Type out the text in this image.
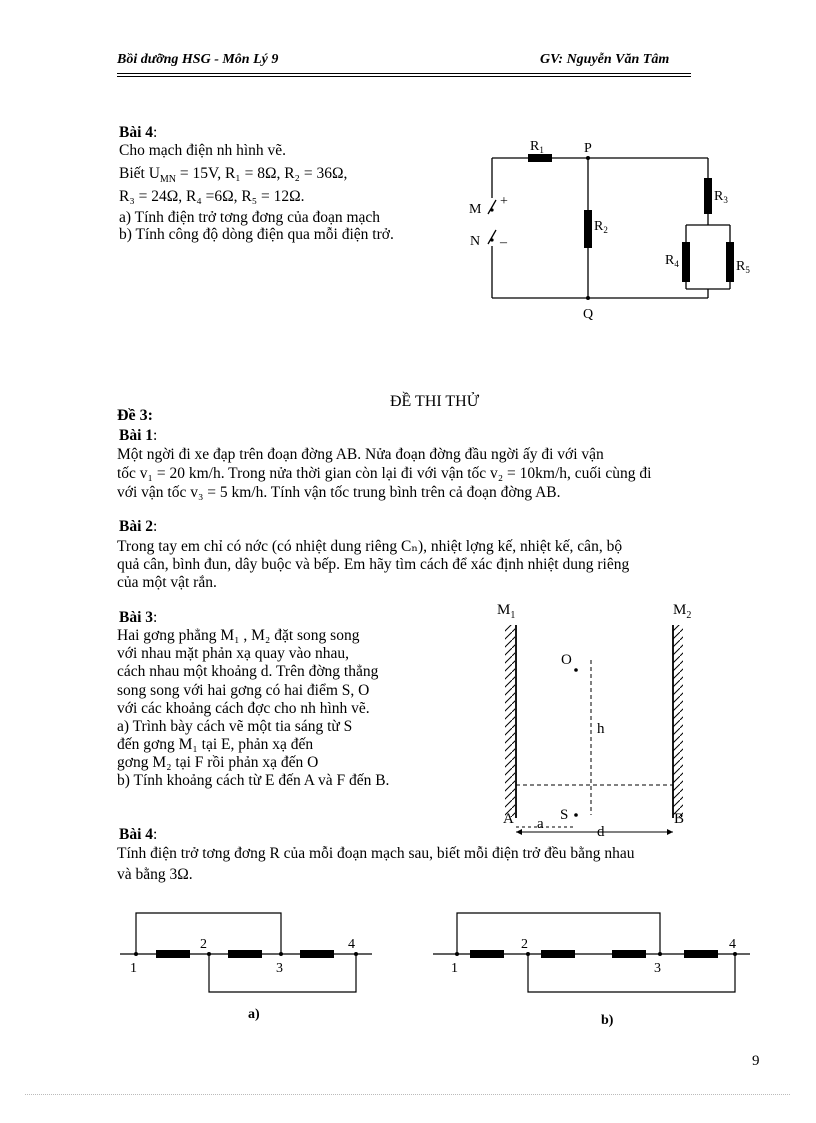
Bồi dưỡng HSG - Môn Lý 9	GV: Nguyễn Văn Tâm
Bài 4:
Cho mạch điện nh hình vẽ.
Biết $U_{MN} = 15V$, R₁ = 8Ω, R₂ = 36Ω,
R₃ = 24Ω, R₄ =6Ω, R₅ = 12Ω.
a) Tính điện trở tơng đơng của đoạn mạch
b) Tính công độ dòng điện qua mỗi điện trở.
$R_1$
$R_2$
$R_3$
$R_4$	$R_5$
P
Q
M
N
+
–
ĐỀ THI THỬ
Đề 3:
Bài 1:
Một ngời đi xe đạp trên đoạn đờng AB. Nửa đoạn đờng đầu ngời ấy đi với vận
tốc v₁ = 20 km/h. Trong nửa thời gian còn lại đi với vận tốc v₂ = 10km/h, cuối cùng đi
với vận tốc v₃ = 5 km/h. Tính vận tốc trung bình trên cả đoạn đờng AB.
Bài 2:
Trong tay em chỉ có nớc (có nhiệt dung riêng Cₙ), nhiệt lợng kế, nhiệt kế, cân, bộ
quả cân, bình đun, dây buộc và bếp. Em hãy tìm cách để xác định nhiệt dung riêng
của một vật rắn.
Bài 3:
Hai gơng phẳng M₁ , M₂ đặt song song
với nhau mặt phản xạ quay vào nhau,
cách nhau một khoảng d. Trên đờng thẳng
song song với hai gơng có hai điểm S, O
với các khoảng cách đợc cho nh hình vẽ.
a) Trình bày cách vẽ một tia sáng từ S
đến gơng M₁ tại E, phản xạ đến
gơng M₂ tại F rồi phản xạ đến O
b) Tính khoảng cách từ E đến A và F đến B.
$M_1$	$M_2$
O
S
h
A	B
a	d
Bài 4:
Tính điện trở tơng đơng R của mỗi đoạn mạch sau, biết mỗi điện trở đều bằng nhau
và bằng 3Ω.
1
2
3
4
a)
1
2
3
4
b)
9
